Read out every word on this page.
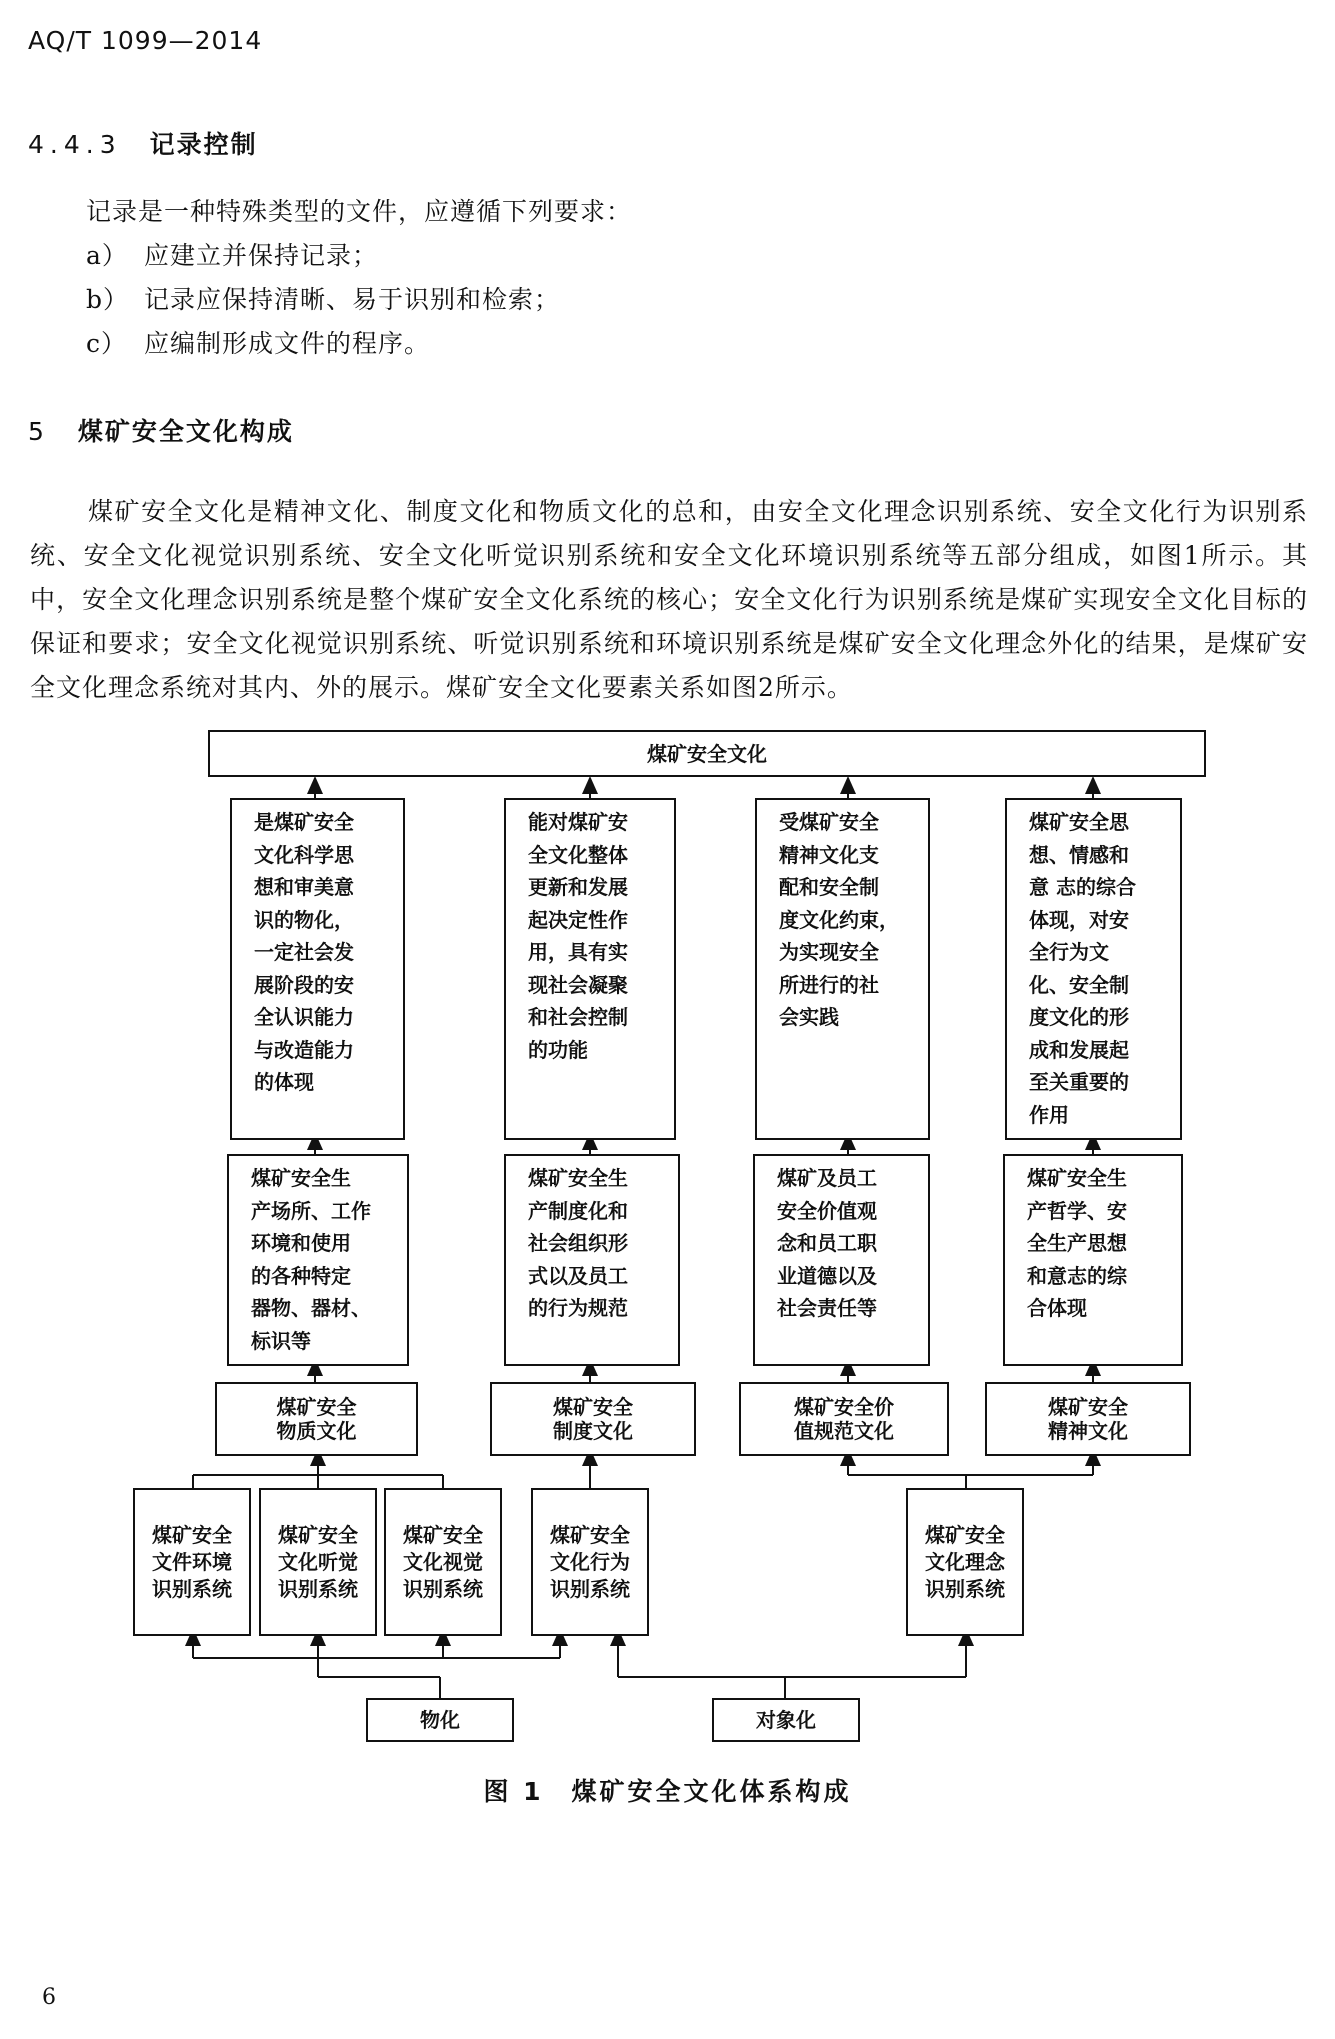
AQ/T 1099—2014
4.4.3 记录控制
记录是一种特殊类型的文件，应遵循下列要求：
a） 应建立并保持记录；
b） 记录应保持清晰、易于识别和检索；
c） 应编制形成文件的程序。
5 煤矿安全文化构成

煤矿安全文化是精神文化、制度文化和物质文化的总和，由安全文化理念识别系统、安全文化行为识别系统、安全文化视觉识别系统、安全文化听觉识别系统和安全文化环境识别系统等五部分组成，如图1所示。其中，安全文化理念识别系统是整个煤矿安全文化系统的核心；安全文化行为识别系统是煤矿实现安全文化目标的保证和要求；安全文化视觉识别系统、听觉识别系统和环境识别系统是煤矿安全文化理念外化的结果，是煤矿安全文化理念系统对其内、外的展示。煤矿安全文化要素关系如图2所示。

煤矿安全文化
是煤矿安全
文化科学思
想和审美意
识的物化，
一定社会发
展阶段的安
全认识能力
与改造能力
的体现
能对煤矿安
全文化整体
更新和发展
起决定性作
用，具有实
现社会凝聚
和社会控制
的功能
受煤矿安全
精神文化支
配和安全制
度文化约束，
为实现安全
所进行的社
会实践
煤矿安全思
想、情感和
意 志的综合
体现，对安
全行为文
化、安全制
度文化的形
成和发展起
至关重要的
作用
煤矿安全生
产场所、工作
环境和使用
的各种特定
器物、器材、
标识等
煤矿安全生
产制度化和
社会组织形
式以及员工
的行为规范
煤矿及员工
安全价值观
念和员工职
业道德以及
社会责任等
煤矿安全生
产哲学、安
全生产思想
和意志的综
合体现
煤矿安全
物质文化
煤矿安全
制度文化
煤矿安全价
值规范文化
煤矿安全
精神文化
煤矿安全
文件环境
识别系统
煤矿安全
文化听觉
识别系统
煤矿安全
文化视觉
识别系统
煤矿安全
文化行为
识别系统
煤矿安全
文化理念
识别系统
物化	对象化
图 1　煤矿安全文化体系构成
6
